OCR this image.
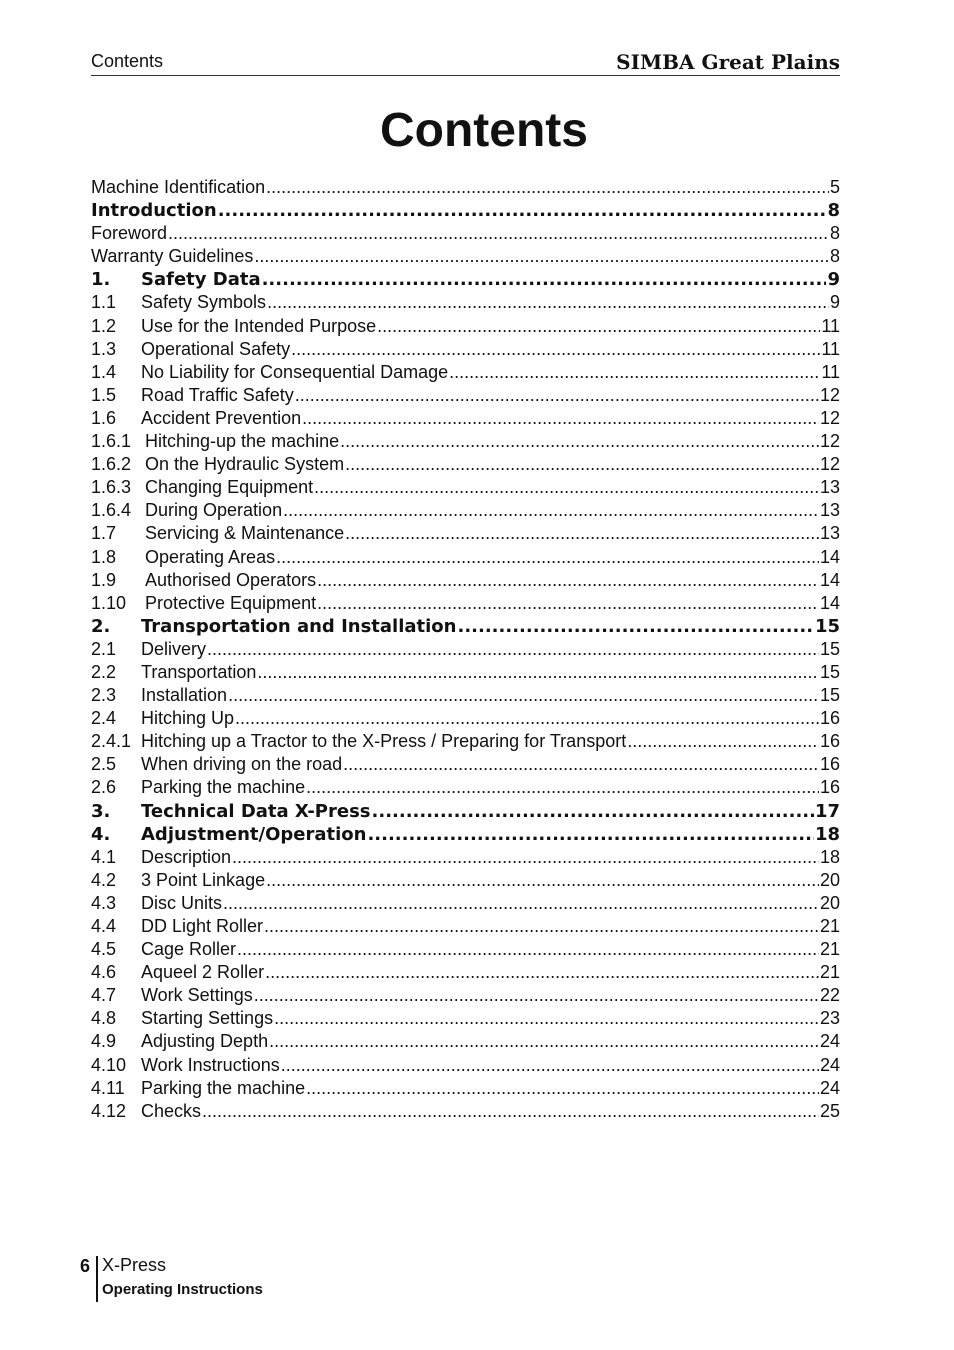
Contents	SIMBA Great Plains
Contents
Machine Identification .....	5
Introduction .....	8
Foreword .....	8
Warranty Guidelines .....	8
1.	Safety Data .....	9
1.1	Safety Symbols .....	9
1.2	Use for the Intended Purpose .....	11
1.3	Operational Safety .....	11
1.4	No Liability for Consequential Damage .....	11
1.5	Road Traffic Safety .....	12
1.6	Accident Prevention .....	12
1.6.1 Hitching-up the machine .....	12
1.6.2 On the Hydraulic System .....	12
1.6.3 Changing Equipment .....	13
1.6.4 During Operation .....	13
1.7	Servicing & Maintenance .....	13
1.8	Operating Areas .....	14
1.9	Authorised Operators .....	14
1.10	Protective Equipment .....	14
2.	Transportation and Installation .....	15
2.1	Delivery .....	15
2.2	Transportation .....	15
2.3	Installation .....	15
2.4	Hitching Up .....	16
2.4.1 Hitching up a Tractor to the X-Press / Preparing for Transport .....	16
2.5	When driving on the road .....	16
2.6	Parking the machine .....	16
3.	Technical Data X-Press .....	17
4.	Adjustment/Operation .....	18
4.1	Description .....	18
4.2	3 Point Linkage .....	20
4.3	Disc Units .....	20
4.4	DD Light Roller .....	21
4.5	Cage Roller .....	21
4.6	Aqueel 2 Roller .....	21
4.7	Work Settings .....	22
4.8	Starting Settings .....	23
4.9	Adjusting Depth .....	24
4.10 Work Instructions .....	24
4.11 Parking the machine .....	24
4.12 Checks .....	25
6 X-Press
Operating Instructions
